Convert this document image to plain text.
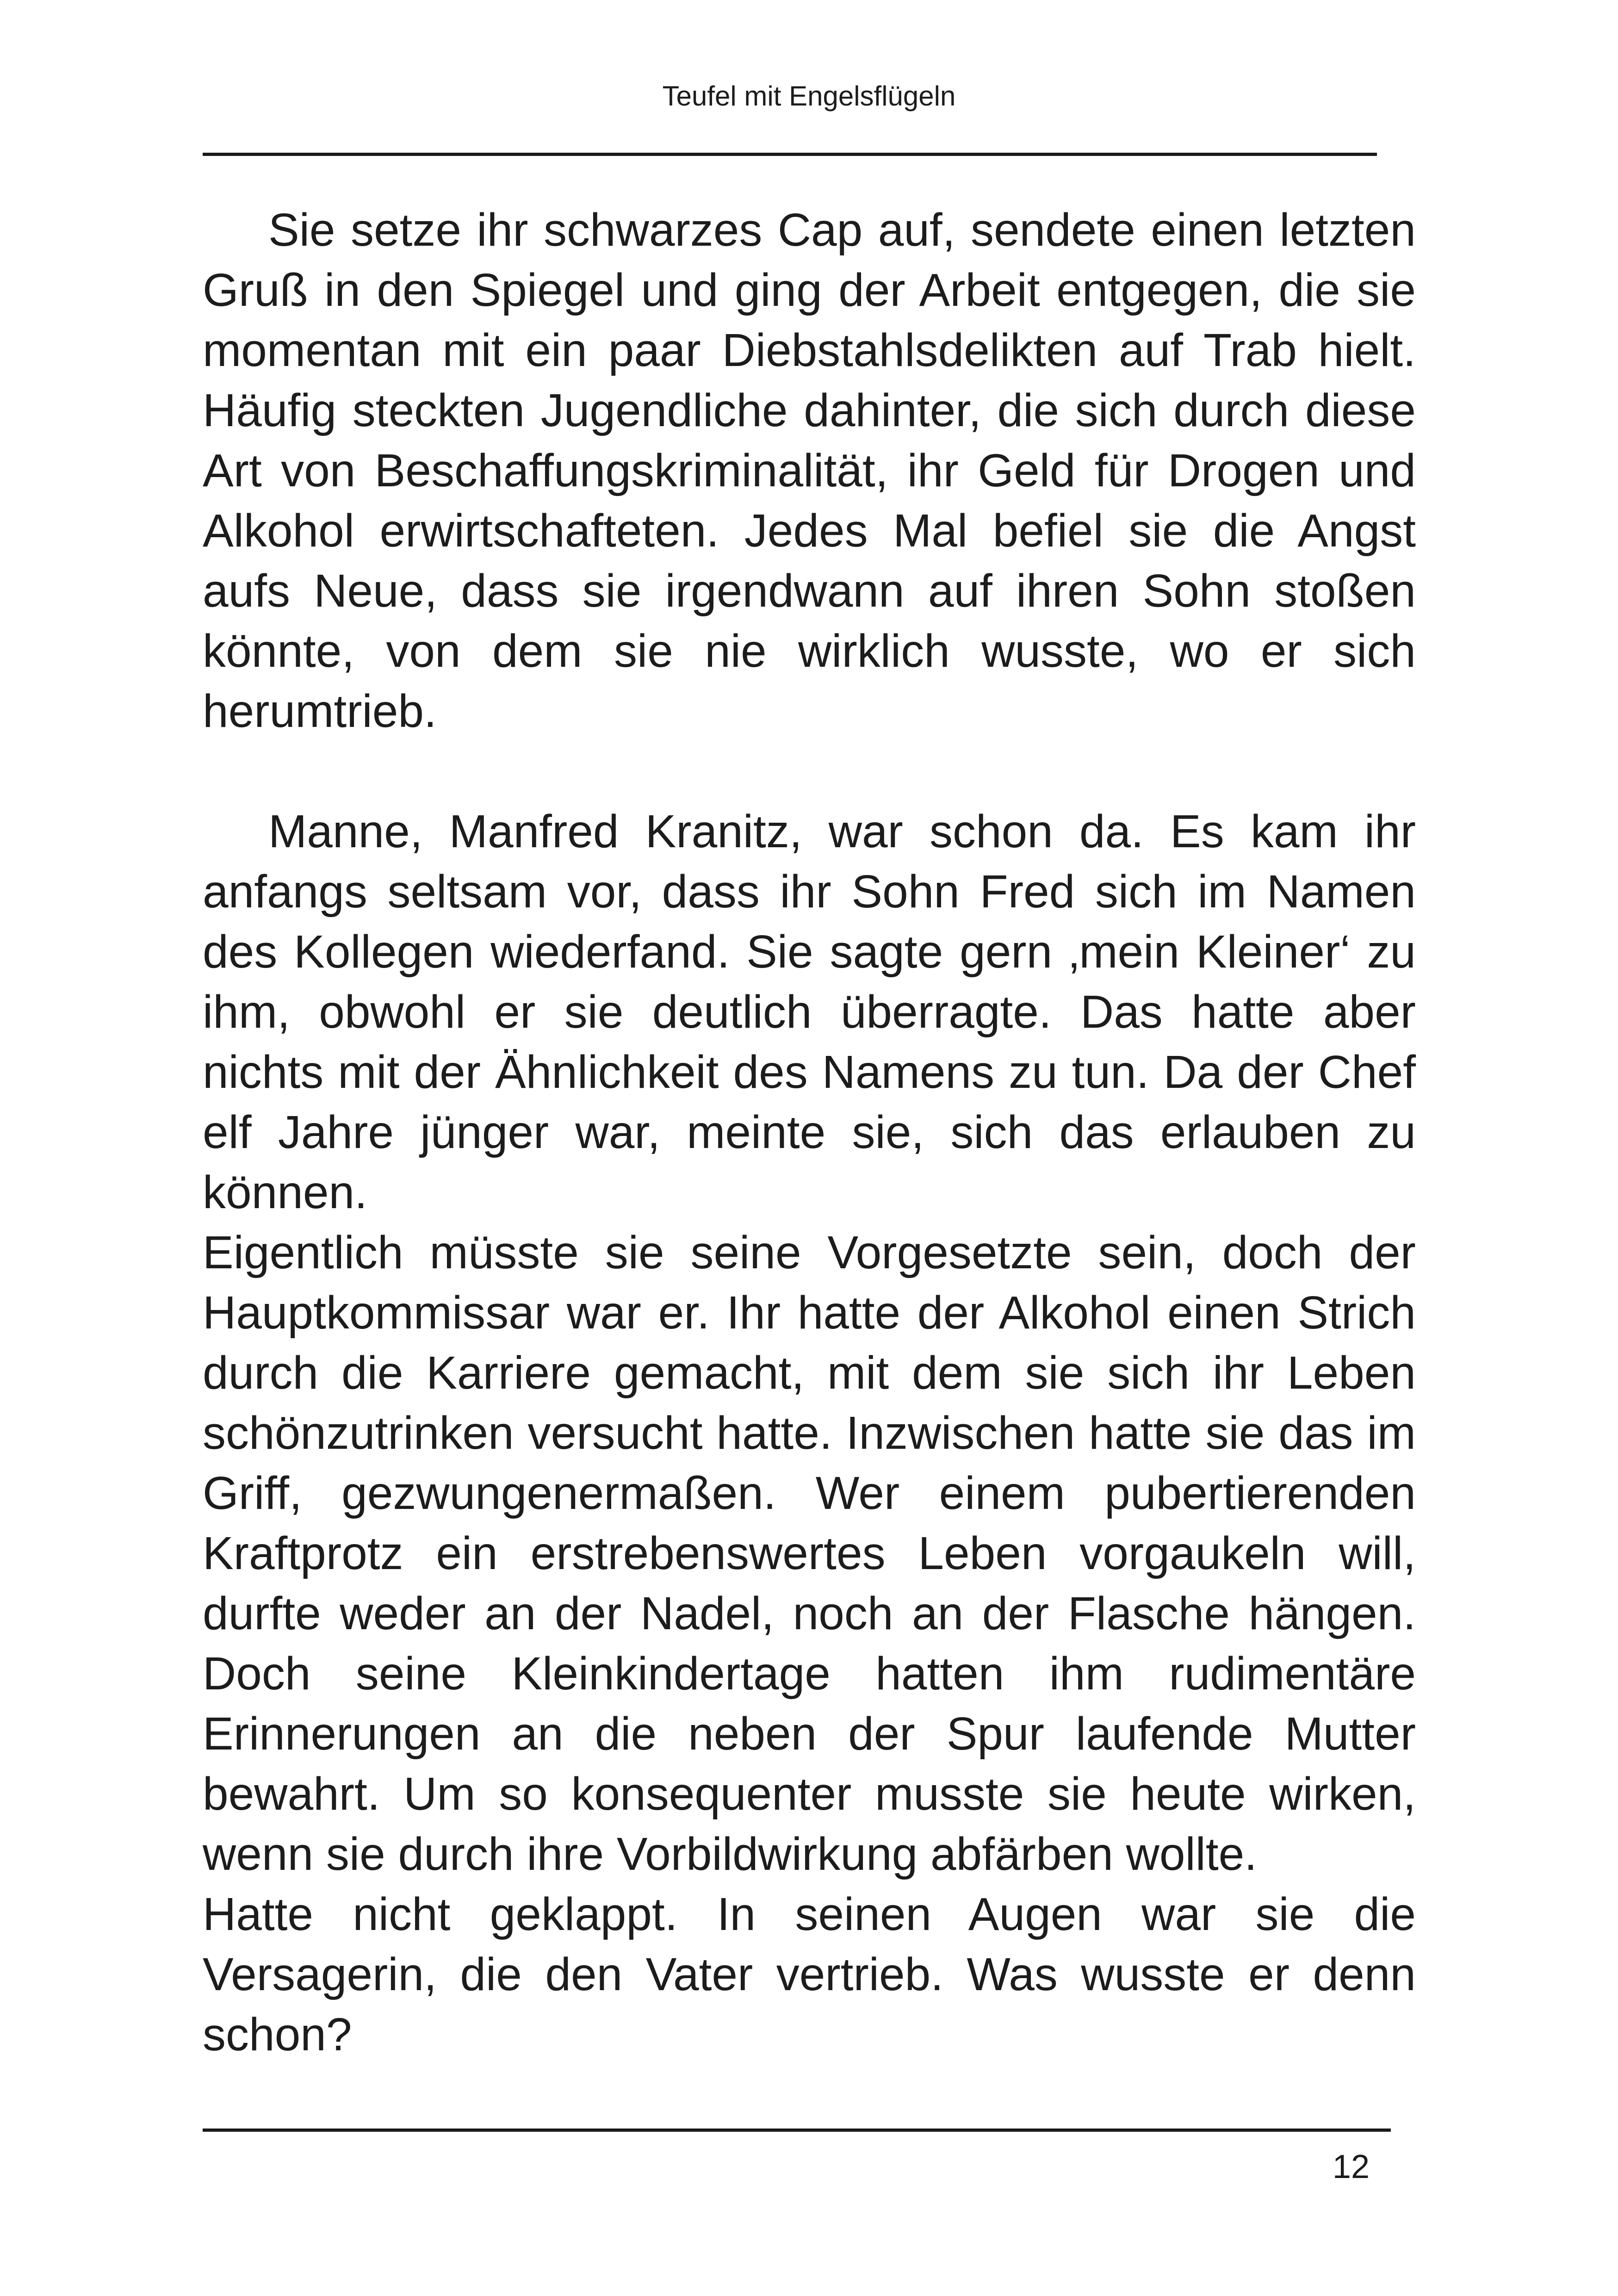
Teufel mit Engelsflügeln

Sie setze ihr schwarzes Cap auf, sendete einen letzten Gruß in den Spiegel und ging der Arbeit entgegen, die sie momentan mit ein paar Diebstahlsdelikten auf Trab hielt. Häufig steckten Jugendliche dahinter, die sich durch diese Art von Beschaffungskriminalität, ihr Geld für Drogen und Alkohol erwirtschafteten. Jedes Mal befiel sie die Angst aufs Neue, dass sie irgendwann auf ihren Sohn stoßen könnte, von dem sie nie wirklich wusste, wo er sich herumtrieb.

Manne, Manfred Kranitz, war schon da. Es kam ihr anfangs seltsam vor, dass ihr Sohn Fred sich im Namen des Kollegen wiederfand. Sie sagte gern ‚mein Kleiner‘ zu ihm, obwohl er sie deutlich überragte. Das hatte aber nichts mit der Ähnlichkeit des Namens zu tun. Da der Chef elf Jahre jünger war, meinte sie, sich das erlauben zu können.

Eigentlich müsste sie seine Vorgesetzte sein, doch der Hauptkommissar war er. Ihr hatte der Alkohol einen Strich durch die Karriere gemacht, mit dem sie sich ihr Leben schönzutrinken versucht hatte. Inzwischen hatte sie das im Griff, gezwungenermaßen. Wer einem pubertierenden Kraftprotz ein erstrebenswertes Leben vorgaukeln will, durfte weder an der Nadel, noch an der Flasche hängen. Doch seine Kleinkindertage hatten ihm rudimentäre Erinnerungen an die neben der Spur laufende Mutter bewahrt. Um so konsequenter musste sie heute wirken, wenn sie durch ihre Vorbildwirkung abfärben wollte.

Hatte nicht geklappt. In seinen Augen war sie die Versagerin, die den Vater vertrieb. Was wusste er denn schon?

12
